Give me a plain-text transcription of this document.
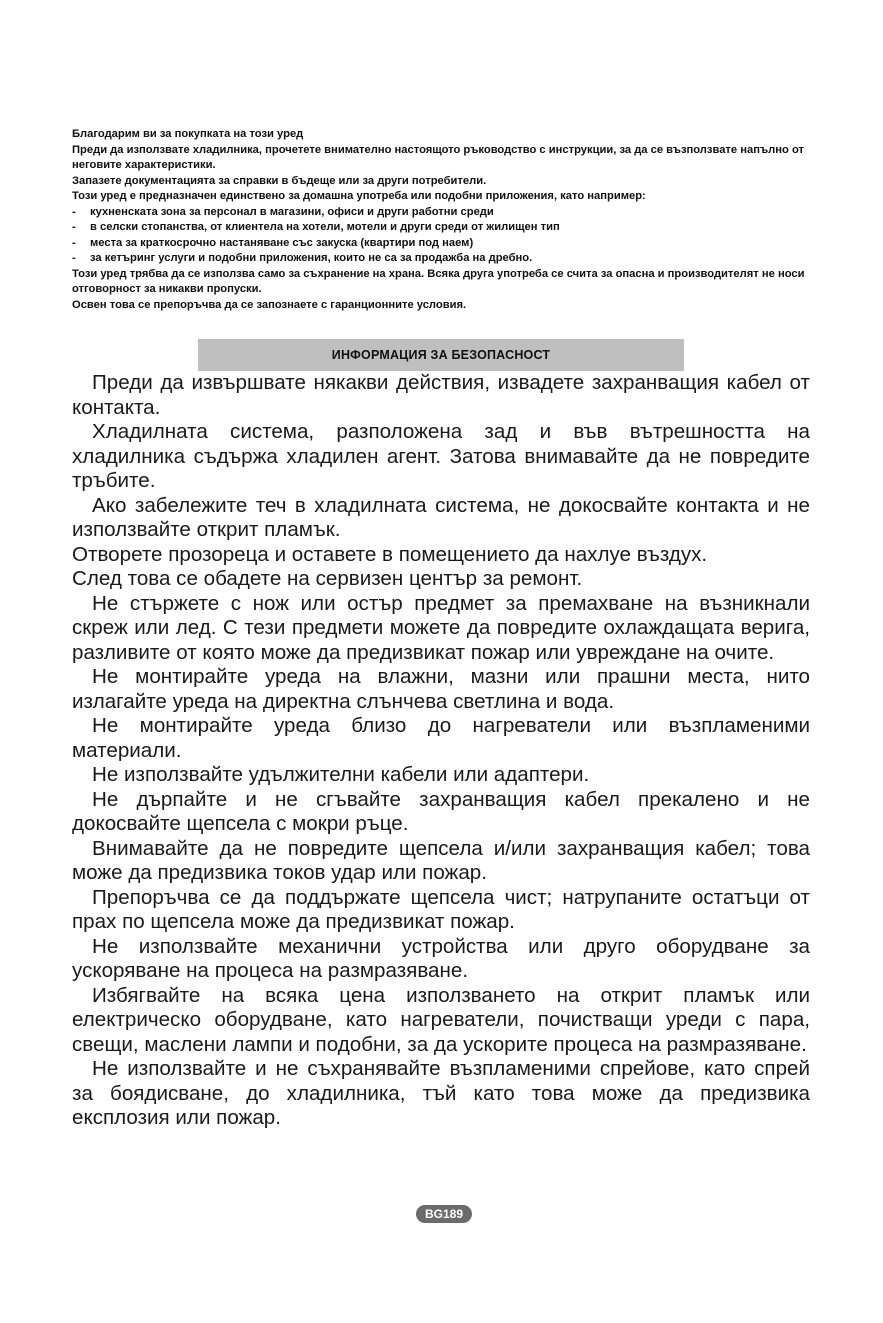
Благодарим ви за покупката на този уред

Преди да използвате хладилника, прочетете внимателно настоящото ръководство с инструкции, за да се възползвате напълно от неговите характеристики.

Запазете документацията за справки в бъдеще или за други потребители.

Този уред е предназначен единствено за домашна употреба или подобни приложения, като например:

-	кухненската зона за персонал в магазини, офиси и други работни среди
-	в селски стопанства, от клиентела на хотели, мотели и други среди от жилищен тип
-	места за краткосрочно настаняване със закуска (квартири под наем)
-	за кетъринг услуги и подобни приложения, които не са за продажба на дребно.

Този уред трябва да се използва само за съхранение на храна. Всяка друга употреба се счита за опасна и производителят не носи отговорност за никакви пропуски.

Освен това се препоръчва да се запознаете с гаранционните условия.

ИНФОРМАЦИЯ ЗА БЕЗОПАСНОСТ

Преди да извършвате някакви действия, извадете захранващия кабел от контакта.

Хладилната система, разположена зад и във вътрешността на хладилника съдържа хладилен агент. Затова внимавайте да не повредите тръбите.

Ако забележите теч в хладилната система, не докосвайте контакта и не използвайте открит пламък.

Отворете прозореца и оставете в помещението да нахлуе въздух.

След това се обадете на сервизен център за ремонт.

Не стържете с нож или остър предмет за премахване на възникнали скреж или лед. С тези предмети можете да повредите охлаждащата верига, разливите от която може да предизвикат пожар или увреждане на очите.

Не монтирайте уреда на влажни, мазни или прашни места, нито излагайте уреда на директна слънчева светлина и вода.

Не монтирайте уреда близо до нагреватели или възпламеними материали.

Не използвайте удължителни кабели или адаптери.

Не дърпайте и не сгъвайте захранващия кабел прекалено и не докосвайте щепсела с мокри ръце.

Внимавайте да не повредите щепсела и/или захранващия кабел; това може да предизвика токов удар или пожар.

Препоръчва се да поддържате щепсела чист; натрупаните остатъци от прах по щепсела може да предизвикат пожар.

Не използвайте механични устройства или друго оборудване за ускоряване на процеса на размразяване.

Избягвайте на всяка цена използването на открит пламък или електрическо оборудване, като нагреватели, почистващи уреди с пара, свещи, маслени лампи и подобни, за да ускорите процеса на размразяване.

Не използвайте и не съхранявайте възпламеними спрейове, като спрей за боядисване, до хладилника, тъй като това може да предизвика експлозия или пожар.

BG189
